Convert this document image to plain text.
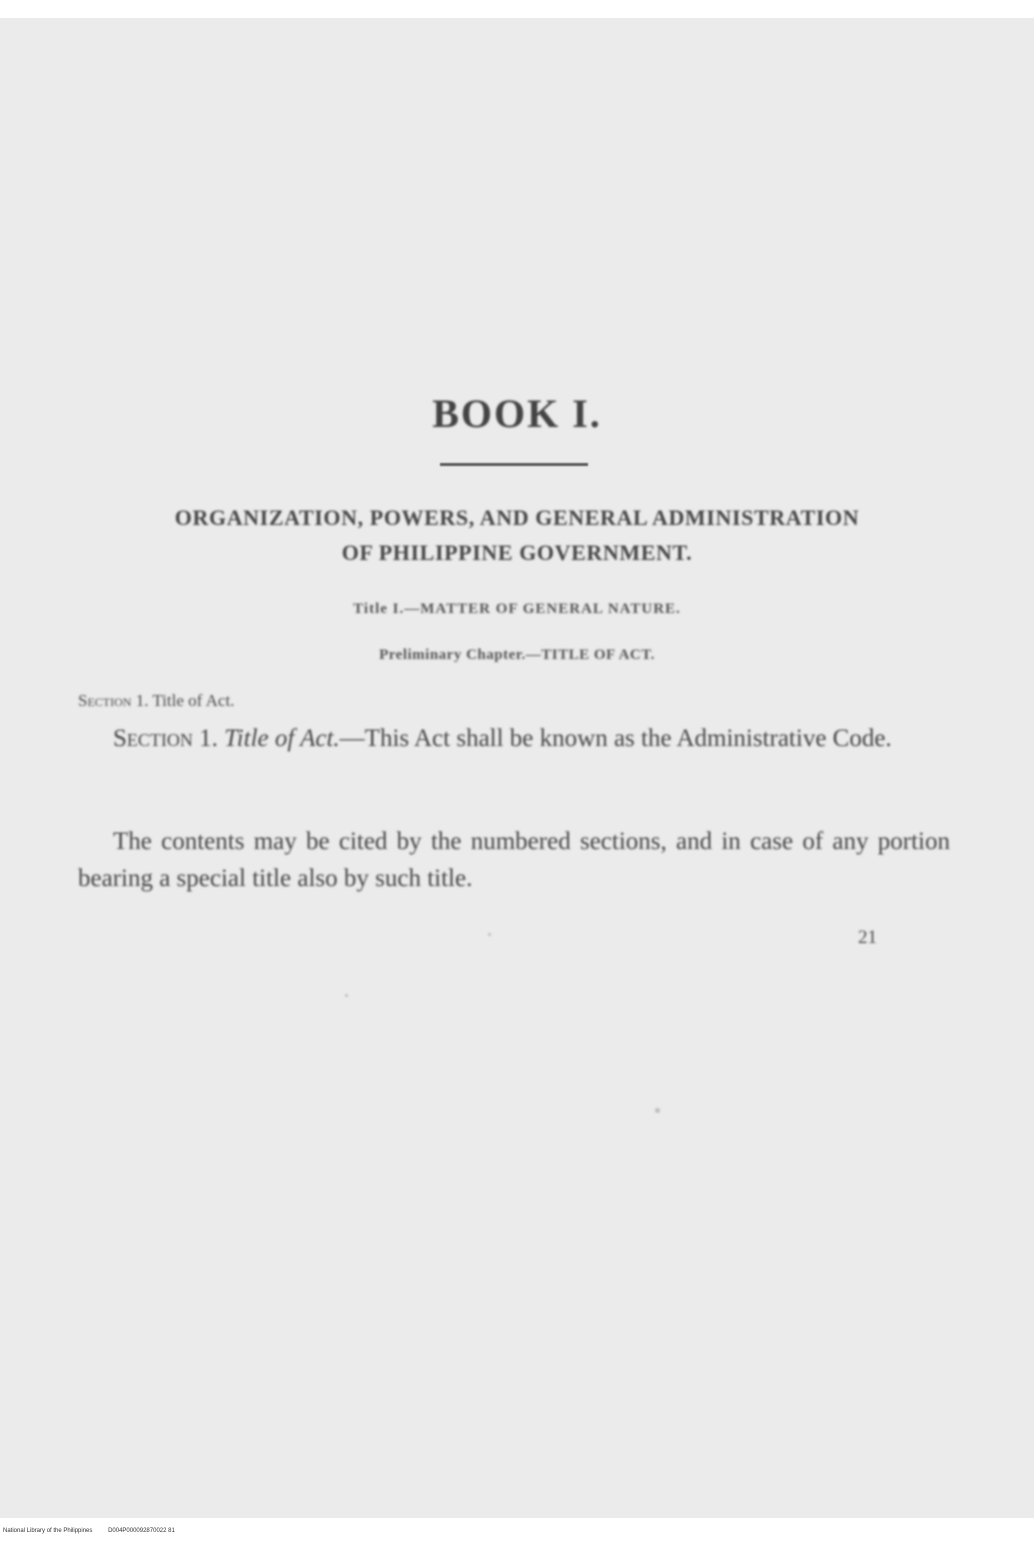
BOOK I.
ORGANIZATION, POWERS, AND GENERAL ADMINISTRATION
OF PHILIPPINE GOVERNMENT.
Title I.—MATTER OF GENERAL NATURE.
Preliminary Chapter.—TITLE OF ACT.
Section 1. Title of Act.
Section 1. Title of Act.—This Act shall be known as the Administrative Code.
The contents may be cited by the numbered sections, and in case of any portion bearing a special title also by such title.
21
National Library of the Philippines	D004P000092870022 81
